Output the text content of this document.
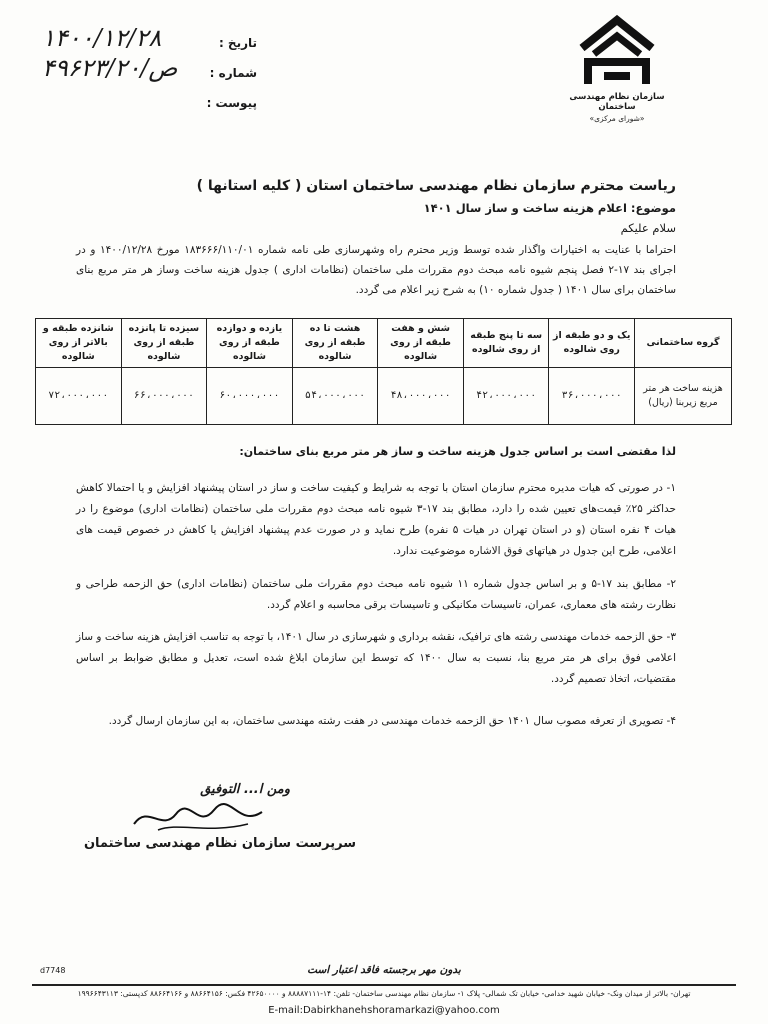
سازمان نظام مهندسی ساختمان
«شورای مرکزی»
تاریخ :
۱۴۰۰/۱۲/۲۸
شماره :
۴۹۶۲۳/ص/۲۰
پیوست :
ریاست محترم سازمان نظام مهندسی ساختمان استان ( کلیه استانها )
موضوع: اعلام هزینه ساخت و ساز سال ۱۴۰۱
سلام علیکم
احتراما با عنایت به اختیارات واگذار شده توسط وزیر محترم راه وشهرسازی طی نامه شماره ۱۸۳۶۶۶/۱۱۰/۰۱ مورخ ۱۴۰۰/۱۲/۲۸ و در اجرای بند ۱۷-۲ فصل پنجم شیوه نامه مبحث دوم مقررات ملی ساختمان (نظامات اداری ) جدول هزینه ساخت وساز هر متر مربع بنای ساختمان برای سال ۱۴۰۱ ( جدول شماره ۱۰) به شرح زیر اعلام می گردد.
گروه ساختمانی	یک و دو طبقه از روی شالوده	سه تا پنج طبقه از روی شالوده	شش و هفت طبقه از روی شالوده	هشت تا ده طبقه از روی شالوده	یازده و دوازده طبقه از روی شالوده	سیزده تا پانزده طبقه از روی شالوده	شانزده طبقه و بالاتر از روی شالوده
هزینه ساخت هر متر مربع زیربنا (ریال)	۳۶،۰۰۰،۰۰۰	۴۲،۰۰۰،۰۰۰	۴۸،۰۰۰،۰۰۰	۵۴،۰۰۰،۰۰۰	۶۰،۰۰۰،۰۰۰	۶۶،۰۰۰،۰۰۰	۷۲،۰۰۰،۰۰۰
لذا مقتضی است بر اساس جدول هزینه ساخت و ساز هر متر مربع بنای ساختمان:
۱- در صورتی که هیات مدیره محترم سازمان استان با توجه به شرایط و کیفیت ساخت و ساز در استان پیشنهاد افزایش و یا احتمالا کاهش حداکثر ۲۵٪ قیمت‌های تعیین شده را دارد، مطابق بند ۱۷-۳ شیوه نامه مبحث دوم مقررات ملی ساختمان (نظامات اداری) موضوع را در هیات ۴ نفره استان (و در استان تهران در هیات ۵ نفره) طرح نماید و در صورت عدم پیشنهاد افزایش یا کاهش در خصوص قیمت های اعلامی، طرح این جدول در هیاتهای فوق الاشاره موضوعیت ندارد.
۲- مطابق بند ۱۷-۵ و بر اساس جدول شماره ۱۱ شیوه نامه مبحث دوم مقررات ملی ساختمان (نظامات اداری) حق الزحمه طراحی و نظارت رشته های معماری، عمران، تاسیسات مکانیکی و تاسیسات برقی محاسبه و اعلام گردد.
۳- حق الزحمه خدمات مهندسی رشته های ترافیک، نقشه برداری و شهرسازی در سال ۱۴۰۱، با توجه به تناسب افزایش هزینه ساخت و ساز اعلامی فوق برای هر متر مربع بنا، نسبت به سال ۱۴۰۰ که توسط این سازمان ابلاغ شده است، تعدیل و مطابق ضوابط بر اساس مقتضیات، اتخاذ تصمیم گردد.
۴- تصویری از تعرفه مصوب سال ۱۴۰۱ حق الزحمه خدمات مهندسی در هفت رشته مهندسی ساختمان، به این سازمان ارسال گردد.
ومن ا... التوفیق
سرپرست سازمان نظام مهندسی ساختمان
d7748	بدون مهر برجسته فاقد اعتبار است
تهران- بالاتر از میدان ونک- خیابان شهید خدامی- خیابان تک شمالی- پلاک ۱- سازمان نظام مهندسی ساختمان- تلفن: ۱۴-۸۸۸۸۷۱۱۱ و ۴۲۶۵۰۰۰۰ فکس: ۸۸۶۶۴۱۵۶ و ۸۸۶۶۴۱۶۶ کدپستی: ۱۹۹۶۶۴۳۱۱۳
E-mail:Dabirkhanehshoramarkazi@yahoo.com
